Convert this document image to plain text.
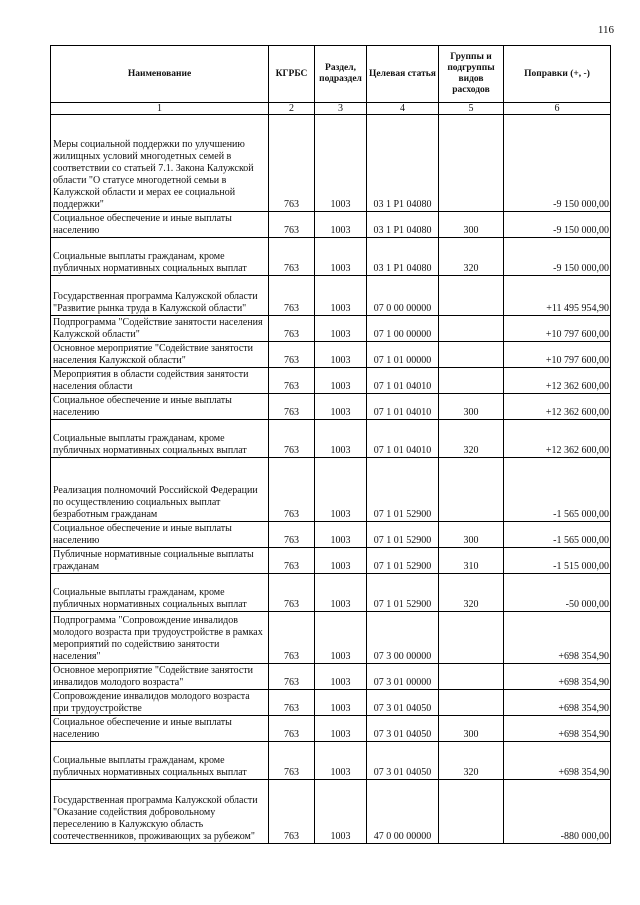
116
Наименование	КГРБС	Раздел, подраздел	Целевая статья	Группы и подгруппы видов расходов	Поправки (+, -)
1	2	3	4	5	6
Меры социальной поддержки по улучшению жилищных условий многодетных семей в соответствии со статьей 7.1. Закона Калужской области "О статусе многодетной семьи в Калужской области и мерах ее социальной поддержки"	763	1003	03 1 P1 04080		-9 150 000,00
Социальное обеспечение и иные выплаты населению	763	1003	03 1 P1 04080	300	-9 150 000,00
Социальные выплаты гражданам, кроме публичных нормативных социальных выплат	763	1003	03 1 P1 04080	320	-9 150 000,00
Государственная программа Калужской области "Развитие рынка труда в Калужской области"	763	1003	07 0 00 00000		+11 495 954,90
Подпрограмма "Содействие занятости населения Калужской области"	763	1003	07 1 00 00000		+10 797 600,00
Основное мероприятие "Содействие занятости населения Калужской области"	763	1003	07 1 01 00000		+10 797 600,00
Мероприятия в области содействия занятости населения области	763	1003	07 1 01 04010		+12 362 600,00
Социальное обеспечение и иные выплаты населению	763	1003	07 1 01 04010	300	+12 362 600,00
Социальные выплаты гражданам, кроме публичных нормативных социальных выплат	763	1003	07 1 01 04010	320	+12 362 600,00
Реализация полномочий Российской Федерации по осуществлению социальных выплат безработным гражданам	763	1003	07 1 01 52900		-1 565 000,00
Социальное обеспечение и иные выплаты населению	763	1003	07 1 01 52900	300	-1 565 000,00
Публичные нормативные социальные выплаты гражданам	763	1003	07 1 01 52900	310	-1 515 000,00
Социальные выплаты гражданам, кроме публичных нормативных социальных выплат	763	1003	07 1 01 52900	320	-50 000,00
Подпрограмма "Сопровождение инвалидов молодого возраста при трудоустройстве в рамках мероприятий по содействию занятости населения"	763	1003	07 3 00 00000		+698 354,90
Основное мероприятие "Содействие занятости инвалидов молодого возраста"	763	1003	07 3 01 00000		+698 354,90
Сопровождение инвалидов молодого возраста при трудоустройстве	763	1003	07 3 01 04050		+698 354,90
Социальное обеспечение и иные выплаты населению	763	1003	07 3 01 04050	300	+698 354,90
Социальные выплаты гражданам, кроме публичных нормативных социальных выплат	763	1003	07 3 01 04050	320	+698 354,90
Государственная программа Калужской области "Оказание содействия добровольному переселению в Калужскую область соотечественников, проживающих за рубежом"	763	1003	47 0 00 00000		-880 000,00
